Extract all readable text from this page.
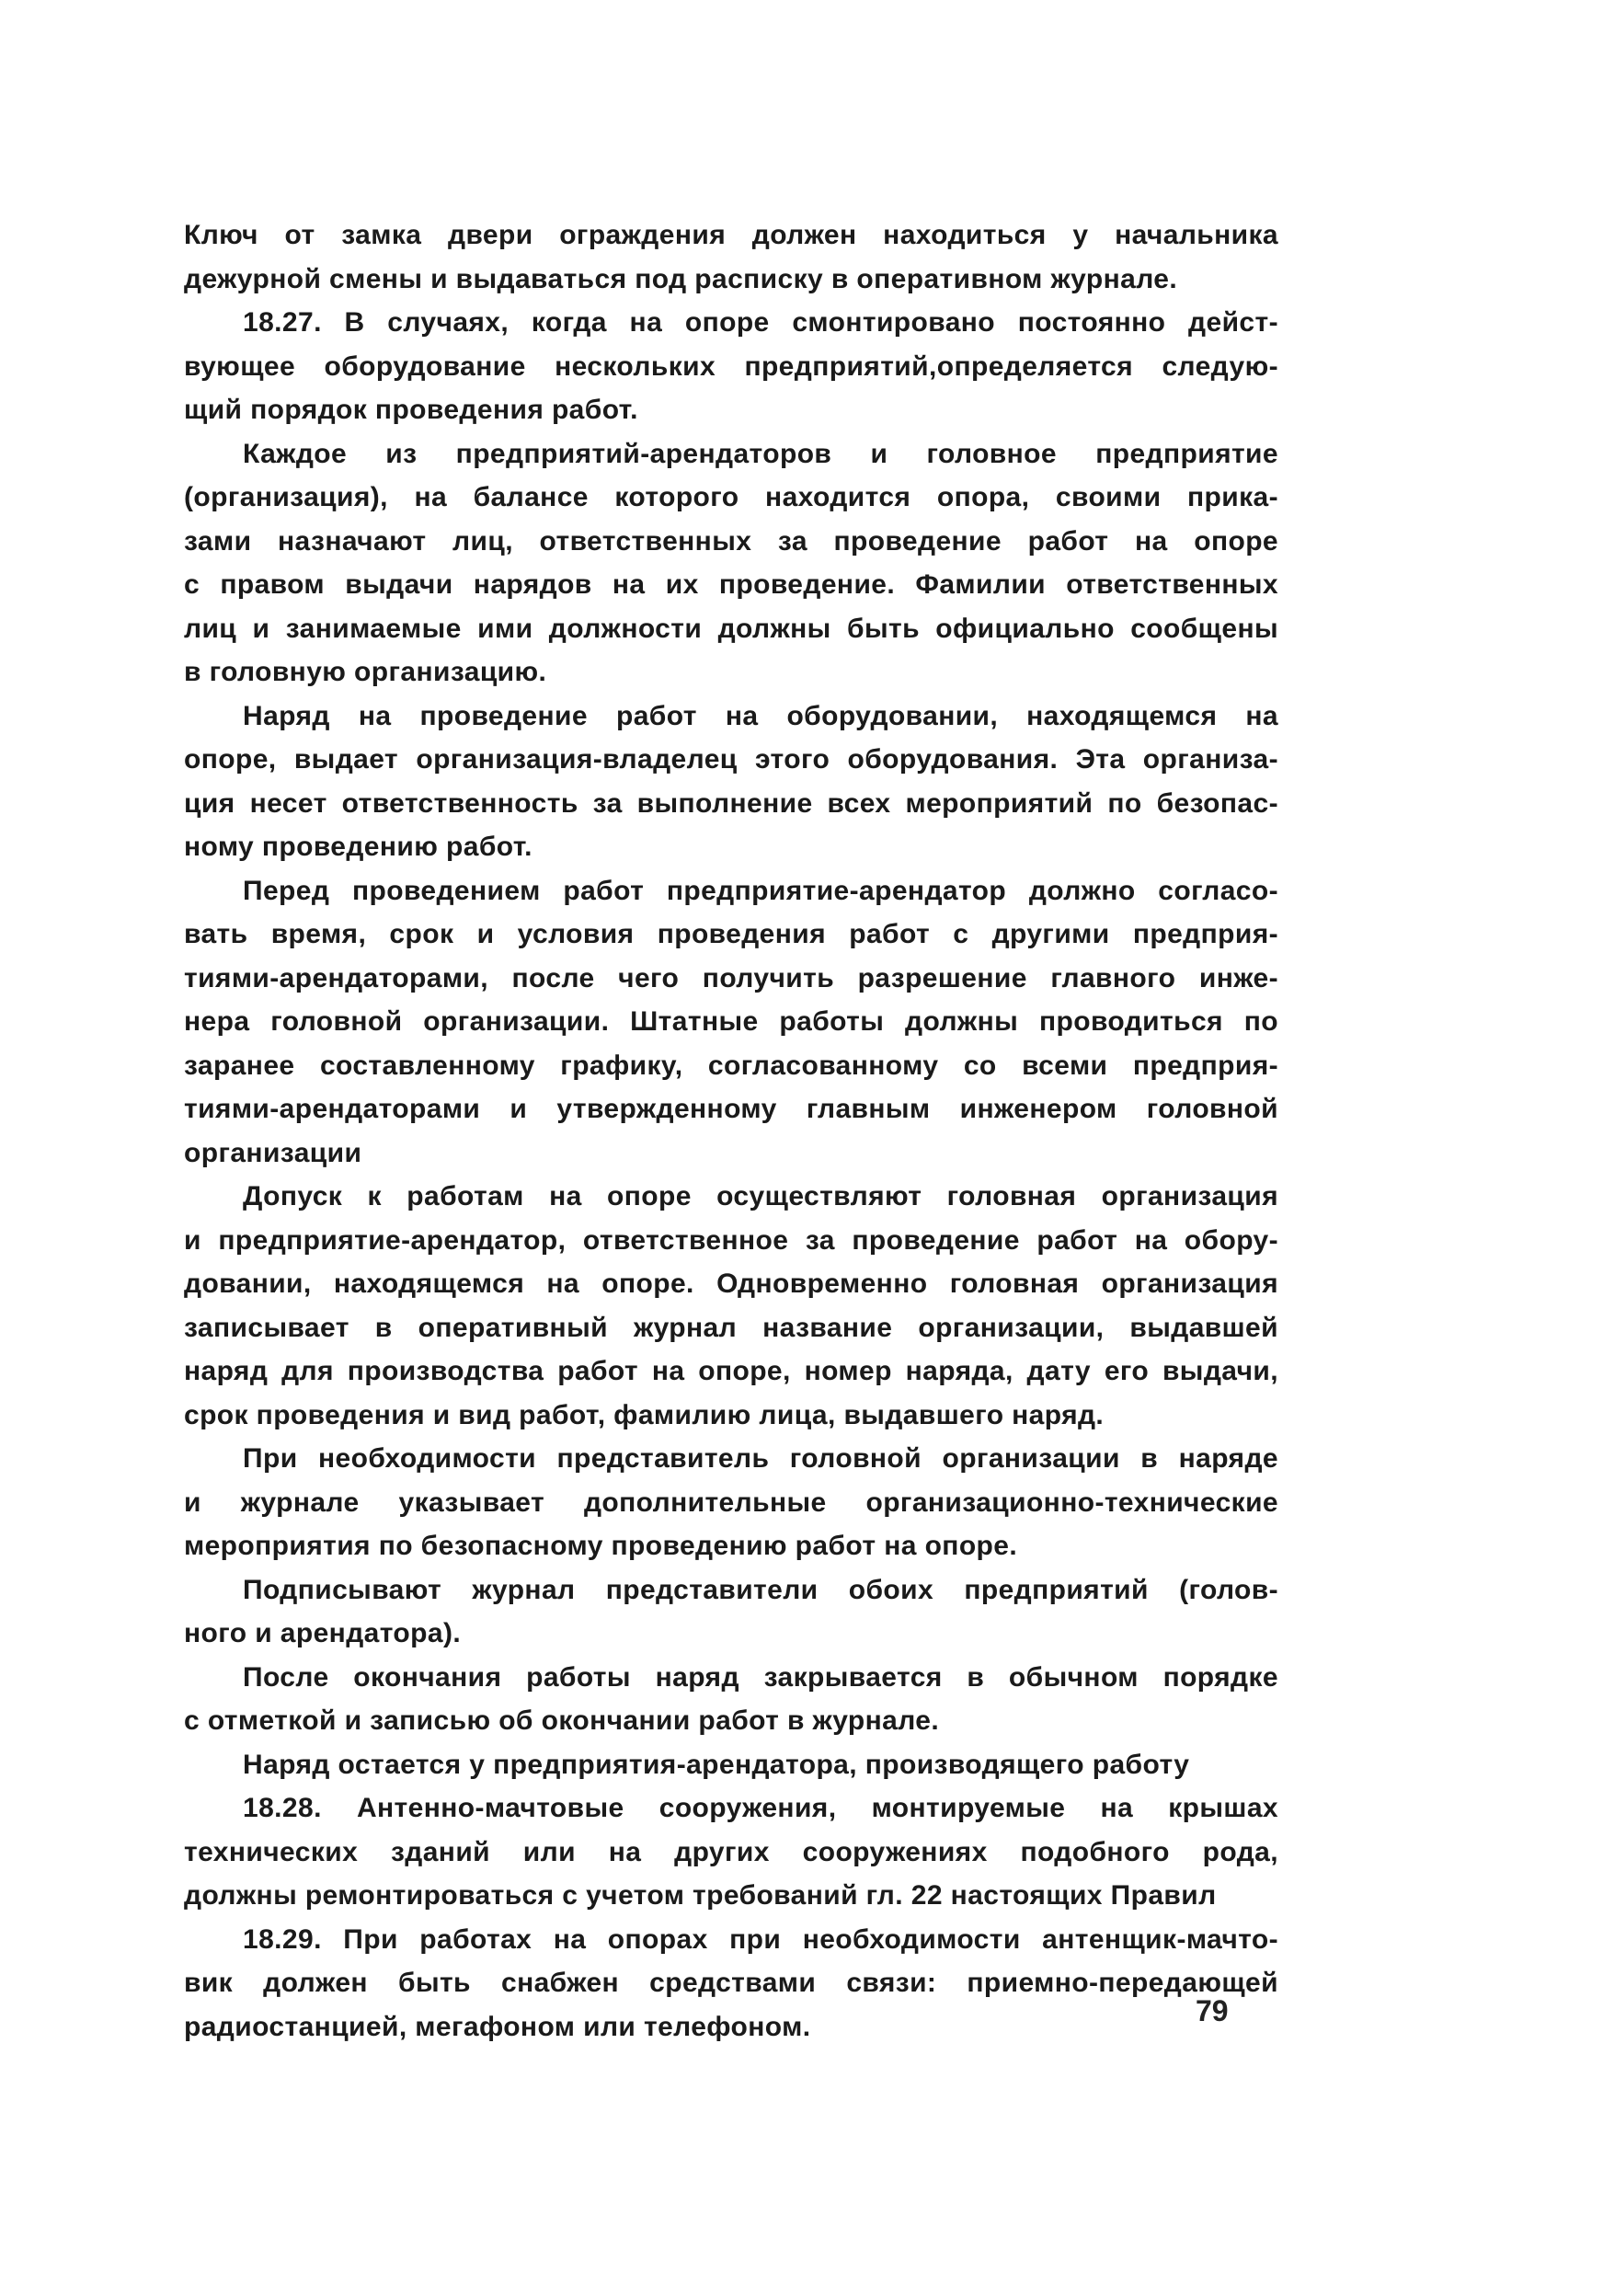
Ключ от замка двери ограждения должен находиться у начальника

дежурной смены и выдаваться под расписку в оперативном журнале.

18.27. В случаях, когда на опоре смонтировано постоянно дейст-

вующее оборудование нескольких предприятий,определяется следую-

щий порядок проведения работ.

Каждое из предприятий-арендаторов и головное предприятие

(организация), на балансе которого находится опора, своими прика-

зами назначают лиц, ответственных за проведение работ на опоре

с правом выдачи нарядов на их проведение. Фамилии ответственных

лиц и занимаемые ими должности должны быть официально сообщены

в головную организацию.

Наряд на проведение работ на оборудовании, находящемся на

опоре, выдает организация-владелец этого оборудования. Эта организа-

ция несет ответственность за выполнение всех мероприятий по безопас-

ному проведению работ.

Перед проведением работ предприятие-арендатор должно согласо-

вать время, срок и условия проведения работ с другими предприя-

тиями-арендаторами, после чего получить разрешение главного инже-

нера головной организации. Штатные работы должны проводиться по

заранее составленному графику, согласованному со всеми предприя-

тиями-арендаторами и утвержденному главным инженером головной

организации

Допуск к работам на опоре осуществляют головная организация

и предприятие-арендатор, ответственное за проведение работ на обору-

довании, находящемся на опоре. Одновременно головная организация

записывает в оперативный журнал название организации, выдавшей

наряд для производства работ на опоре, номер наряда, дату его выдачи,

срок проведения и вид работ, фамилию лица, выдавшего наряд.

При необходимости представитель головной организации в наряде

и журнале указывает дополнительные организационно-технические

мероприятия по безопасному проведению работ на опоре.

Подписывают журнал представители обоих предприятий (голов-

ного и арендатора).

После окончания работы наряд закрывается в обычном порядке

с отметкой и записью об окончании работ в журнале.

Наряд остается у предприятия-арендатора, производящего работу

18.28. Антенно-мачтовые сооружения, монтируемые на крышах

технических зданий или на других сооружениях подобного рода,

должны ремонтироваться с учетом требований гл. 22 настоящих Правил

18.29. При работах на опорах при необходимости антенщик-мачто-

вик должен быть снабжен средствами связи: приемно-передающей

радиостанцией, мегафоном или телефоном.	79
